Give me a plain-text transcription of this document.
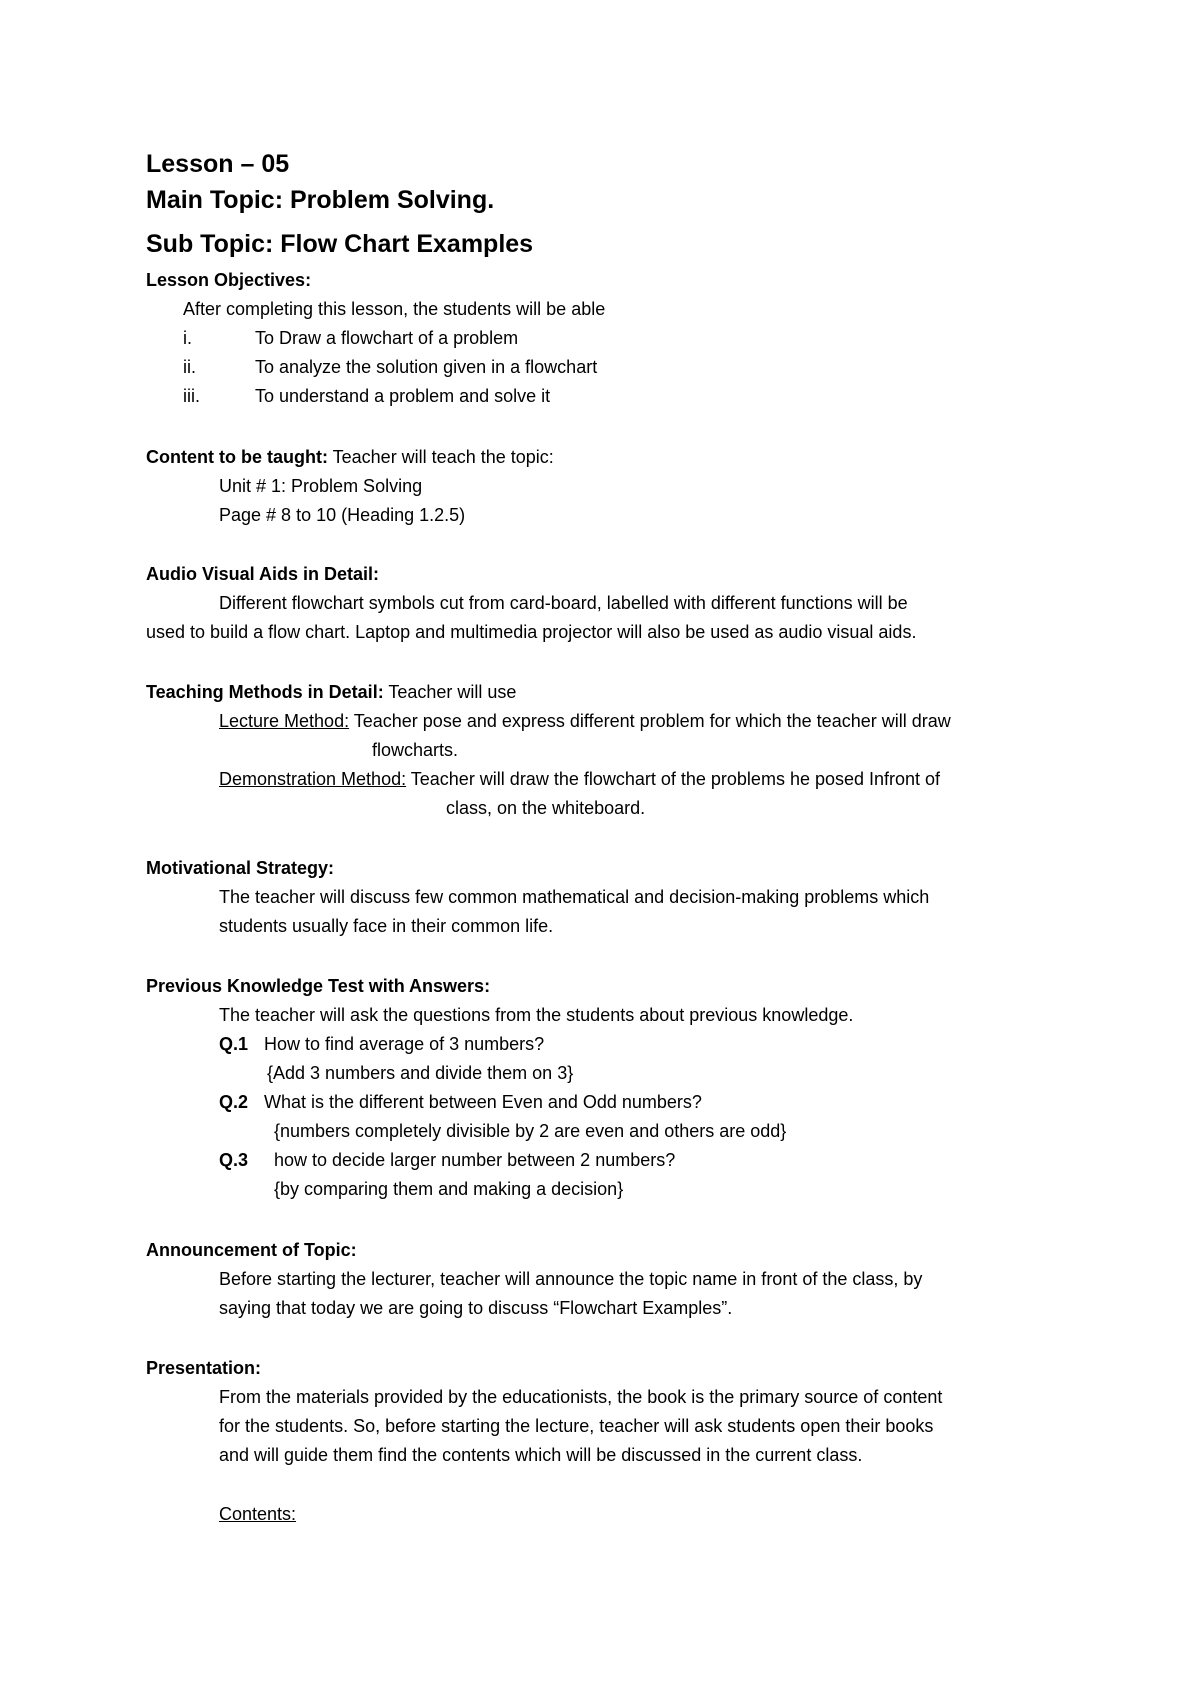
Lesson – 05
Main Topic: Problem Solving.
Sub Topic: Flow Chart Examples
Lesson Objectives:
After completing this lesson, the students will be able
i.	To Draw a flowchart of a problem
ii.	To analyze the solution given in a flowchart
iii.	To understand a problem and solve it
Content to be taught: Teacher will teach the topic:
Unit # 1: Problem Solving
Page # 8 to 10 (Heading 1.2.5)
Audio Visual Aids in Detail:
Different flowchart symbols cut from card-board, labelled with different functions will be
used to build a flow chart. Laptop and multimedia projector will also be used as audio visual aids.
Teaching Methods in Detail: Teacher will use
Lecture Method: Teacher pose and express different problem for which the teacher will draw
flowcharts.
Demonstration Method: Teacher will draw the flowchart of the problems he posed Infront of
class, on the whiteboard.
Motivational Strategy:
The teacher will discuss few common mathematical and decision-making problems which
students usually face in their common life.
Previous Knowledge Test with Answers:
The teacher will ask the questions from the students about previous knowledge.
Q.1 How to find average of 3 numbers?
{Add 3 numbers and divide them on 3}
Q.2 What is the different between Even and Odd numbers?
{numbers completely divisible by 2 are even and others are odd}
Q.3 how to decide larger number between 2 numbers?
{by comparing them and making a decision}
Announcement of Topic:
Before starting the lecturer, teacher will announce the topic name in front of the class, by
saying that today we are going to discuss “Flowchart Examples”.
Presentation:
From the materials provided by the educationists, the book is the primary source of content
for the students. So, before starting the lecture, teacher will ask students open their books
and will guide them find the contents which will be discussed in the current class.
Contents:
